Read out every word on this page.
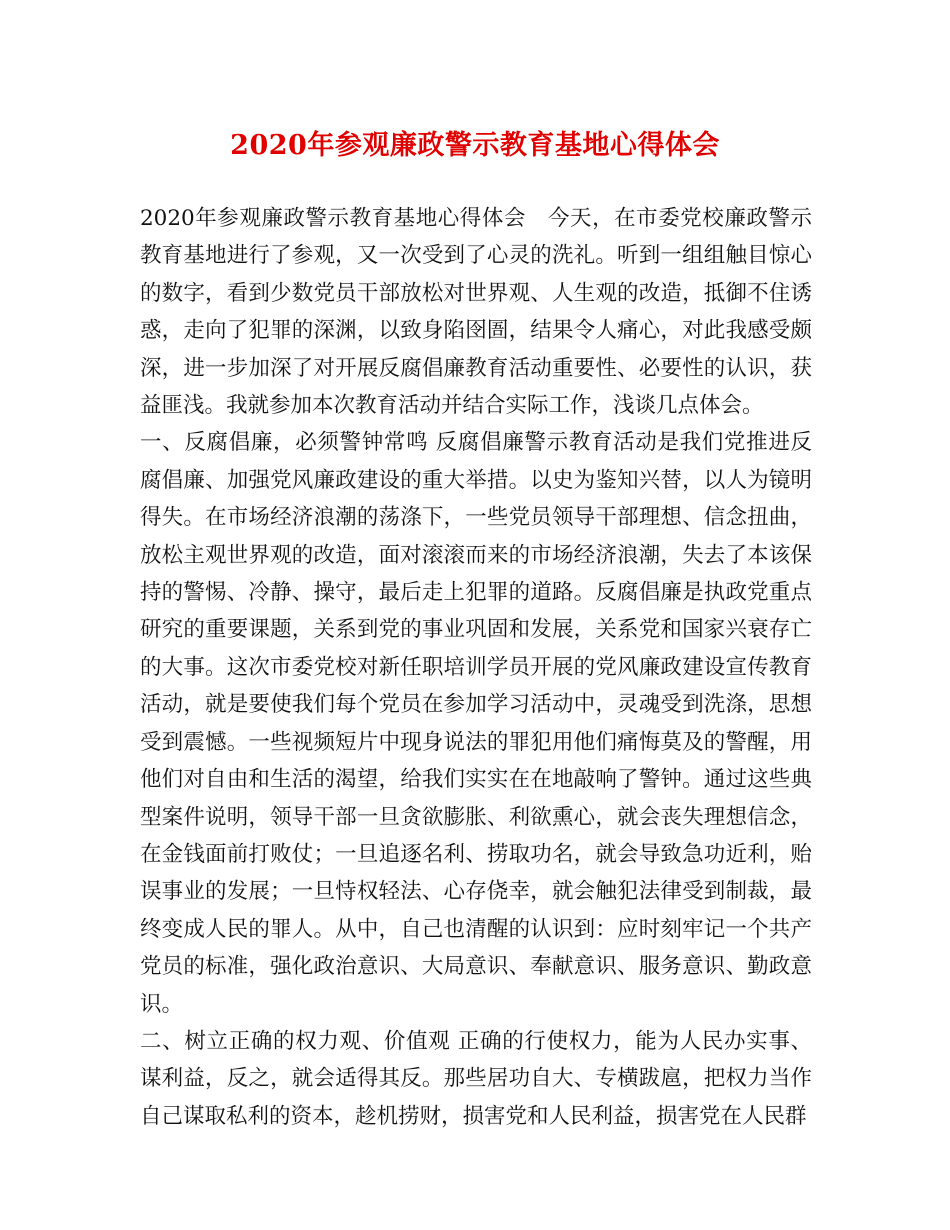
2020年参观廉政警示教育基地心得体会

2020年参观廉政警示教育基地心得体会　今天，在市委党校廉政警示教育基地进行了参观，又一次受到了心灵的洗礼。听到一组组触目惊心的数字，看到少数党员干部放松对世界观、人生观的改造，抵御不住诱惑，走向了犯罪的深渊，以致身陷囹圄，结果令人痛心，对此我感受颇深，进一步加深了对开展反腐倡廉教育活动重要性、必要性的认识，获益匪浅。我就参加本次教育活动并结合实际工作，浅谈几点体会。

一、反腐倡廉，必须警钟常鸣 反腐倡廉警示教育活动是我们党推进反腐倡廉、加强党风廉政建设的重大举措。以史为鉴知兴替，以人为镜明得失。在市场经济浪潮的荡涤下，一些党员领导干部理想、信念扭曲，放松主观世界观的改造，面对滚滚而来的市场经济浪潮，失去了本该保持的警惕、冷静、操守，最后走上犯罪的道路。反腐倡廉是执政党重点研究的重要课题，关系到党的事业巩固和发展，关系党和国家兴衰存亡的大事。这次市委党校对新任职培训学员开展的党风廉政建设宣传教育活动，就是要使我们每个党员在参加学习活动中，灵魂受到洗涤，思想受到震憾。一些视频短片中现身说法的罪犯用他们痛悔莫及的警醒，用他们对自由和生活的渴望，给我们实实在在地敲响了警钟。通过这些典型案件说明，领导干部一旦贪欲膨胀、利欲熏心，就会丧失理想信念，在金钱面前打败仗；一旦追逐名利、捞取功名，就会导致急功近利，贻误事业的发展；一旦恃权轻法、心存侥幸，就会触犯法律受到制裁，最终变成人民的罪人。从中，自己也清醒的认识到：应时刻牢记一个共产党员的标准，强化政治意识、大局意识、奉献意识、服务意识、勤政意识。

二、树立正确的权力观、价值观 正确的行使权力，能为人民办实事、谋利益，反之，就会适得其反。那些居功自大、专横跋扈，把权力当作自己谋取私利的资本，趁机捞财，损害党和人民利益，损害党在人民群
